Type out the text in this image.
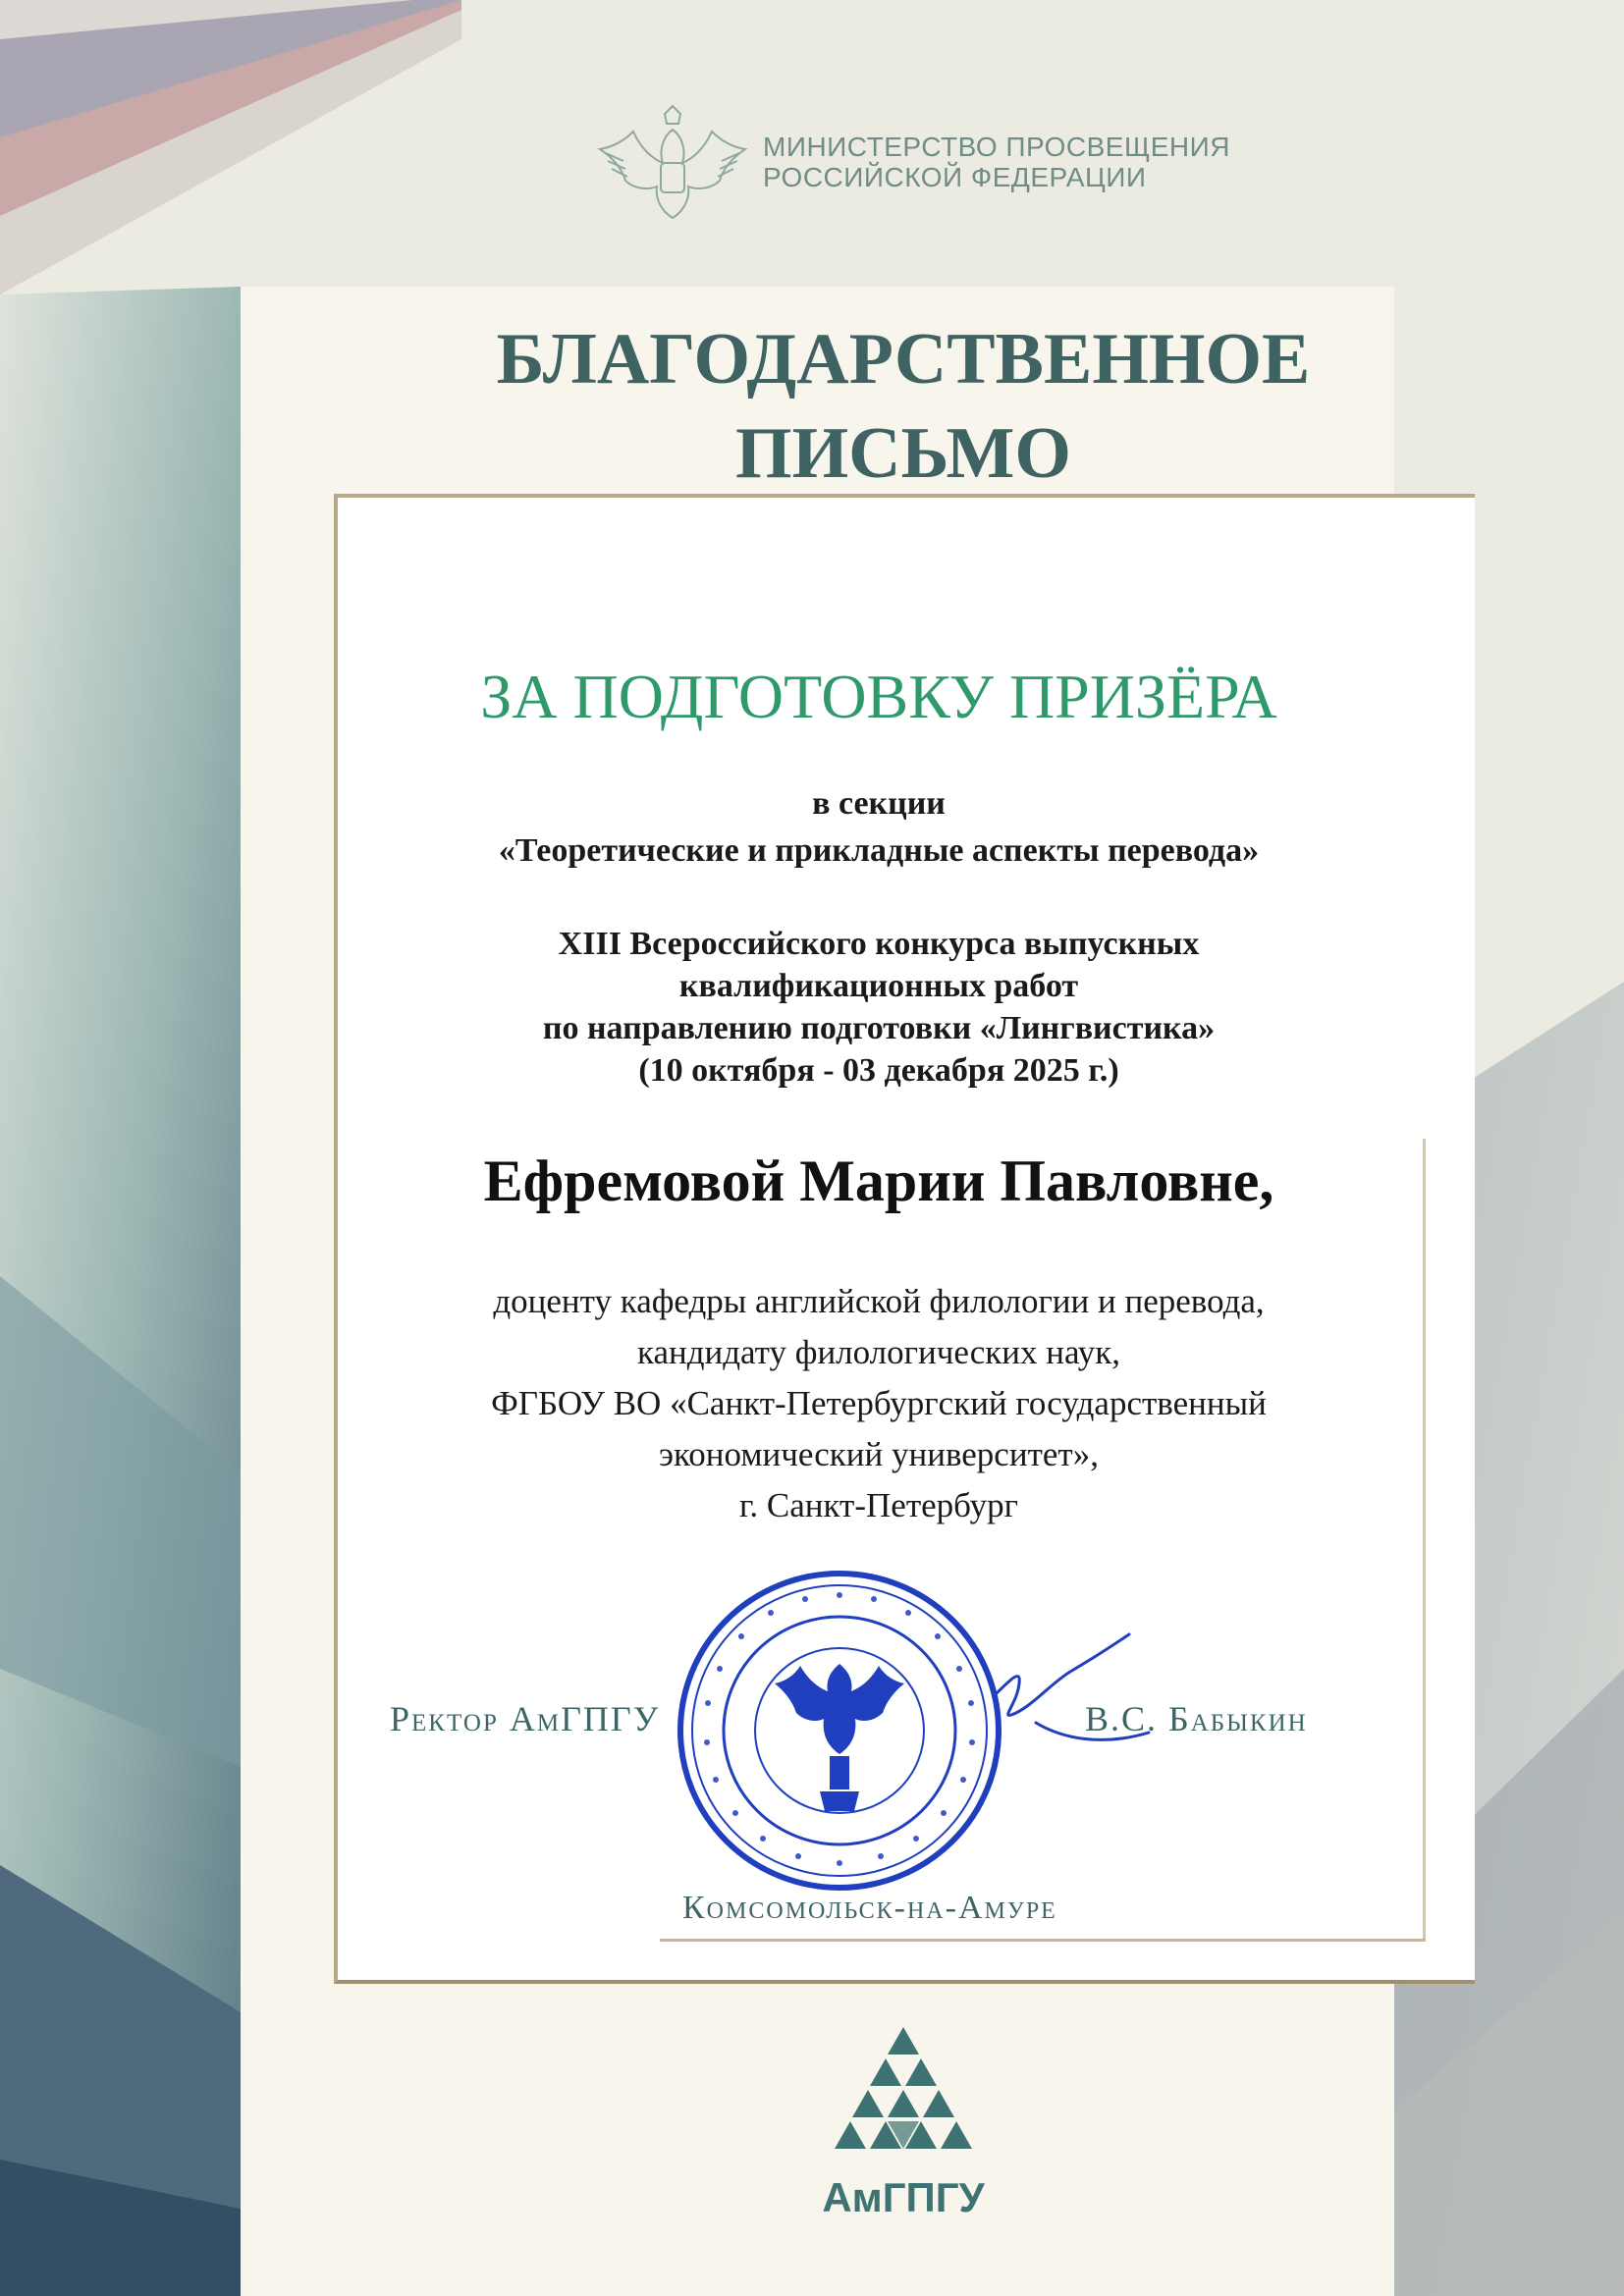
МИНИСТЕРСТВО ПРОСВЕЩЕНИЯ
РОССИЙСКОЙ ФЕДЕРАЦИИ
БЛАГОДАРСТВЕННОЕ
ПИСЬМО
ЗА ПОДГОТОВКУ ПРИЗЁРА
в секции
«Теоретические и прикладные аспекты перевода»
XIII Всероссийского конкурса выпускных
квалификационных работ
по направлению подготовки «Лингвистика»
(10 октября - 03 декабря 2025 г.)
Ефремовой Марии Павловне,
доценту кафедры английской филологии и перевода,
кандидату филологических наук,
ФГБОУ ВО «Санкт-Петербургский государственный
экономический университет»,
г. Санкт-Петербург
Ректор АмГПГУ	В.С. Бабыкин
Комсомольск-на-Амуре
АмГПГУ
